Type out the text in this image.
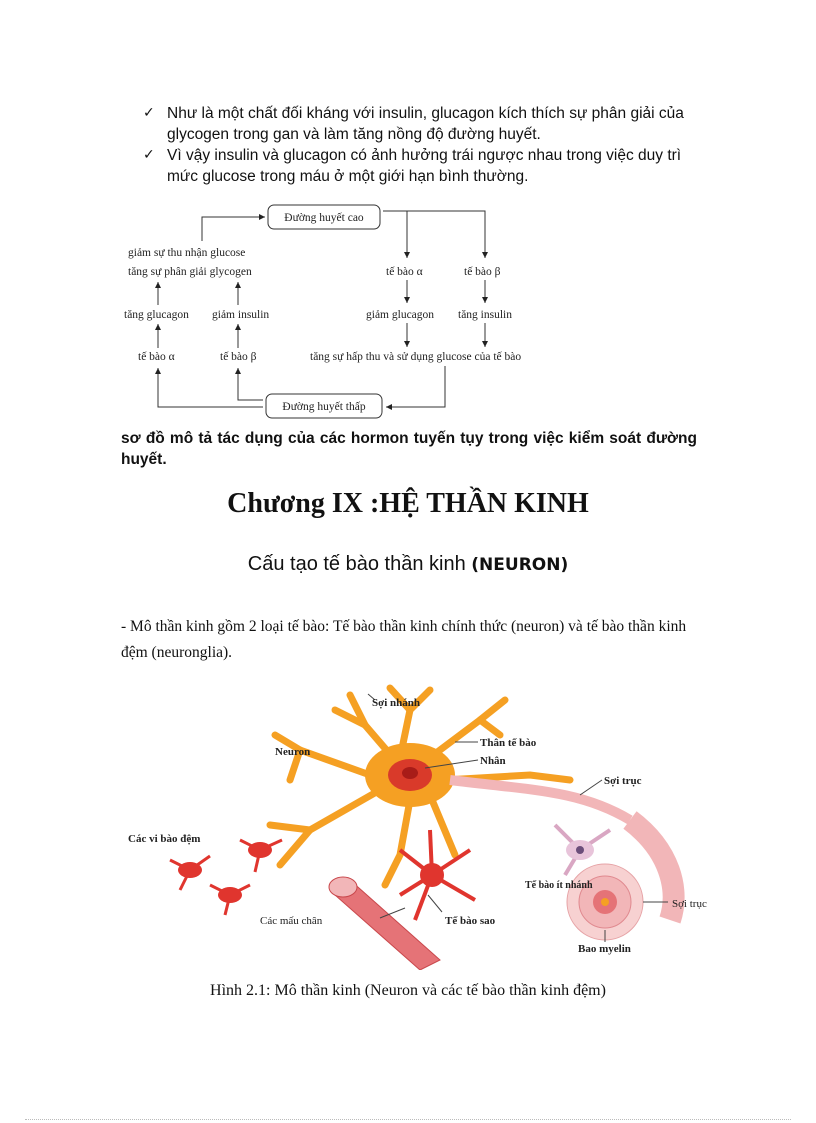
✓ Như là một chất đối kháng với insulin, glucagon kích thích sự phân giải của glycogen trong gan và làm tăng nồng độ đường huyết.
✓ Vì vậy insulin và glucagon có ảnh hưởng trái ngược nhau trong việc duy trì mức glucose trong máu ở một giới hạn bình thường.
Đường huyết cao
Đường huyết thấp
giảm sự thu nhận glucose
tăng sự phân giải glycogen
tăng glucagon giảm insulin
tế bào α	tế bào β
tế bào α	tế bào β
giảm glucagon tăng insulin
tăng sự hấp thu và sử dụng glucose của tế bào
sơ đồ mô tả tác dụng của các hormon tuyến tụy trong việc kiểm soát đường huyết.
Chương IX :HỆ THẦN KINH
Cấu tạo tế bào thần kinh (NEURON)
- Mô thần kinh gồm 2 loại tế bào: Tế bào thần kinh chính thức (neuron) và tế bào thần kinh đệm (neuronglia).
Sợi nhánh
Neuron
Thân tế bào
Nhân
Sợi trục
Các vi bào đệm
Tế bào ít nhánh
Các mấu chân	Tế bào sao
Sợi trục
Bao myelin
Hình 2.1: Mô thần kinh (Neuron và các tế bào thần kinh đệm)
